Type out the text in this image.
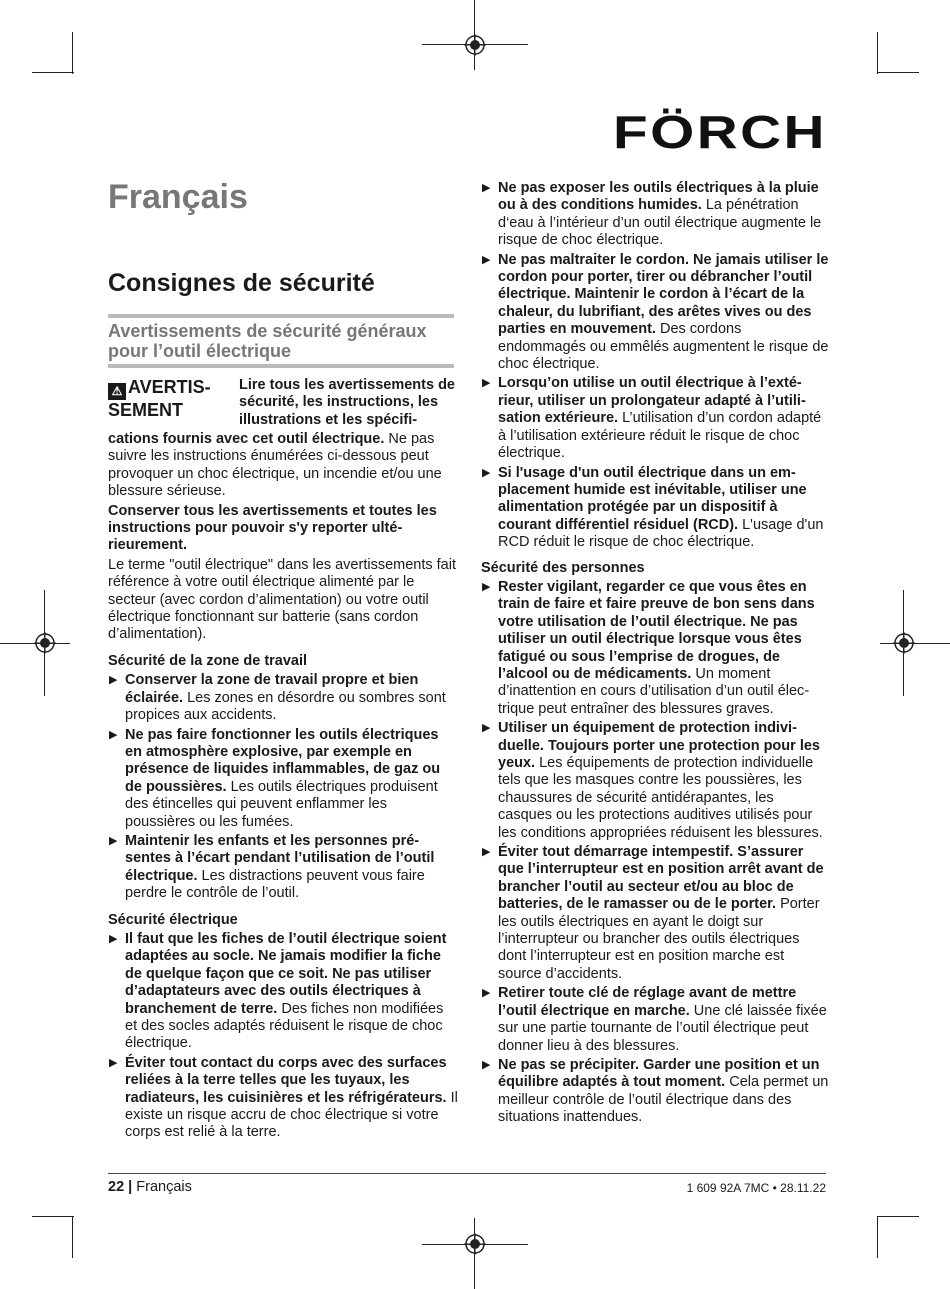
FÖRCH
Français
Consignes de sécurité
Avertissements de sécurité généraux pour l’outil électrique
⚠ AVERTIS-
SEMENT
Lire tous les avertissements de sécurité, les instructions, les illustrations et les spécifi-

cations fournis avec cet outil électrique. Ne pas suivre les instructions énumérées ci-dessous peut provoquer un choc électrique, un incendie et/ou une blessure sérieuse.

Conserver tous les avertissements et toutes les instructions pour pouvoir s'y reporter ultérieurement.

Le terme "outil électrique" dans les avertissements fait référence à votre outil électrique alimenté par le secteur (avec cordon d’alimentation) ou votre outil électrique fonctionnant sur batterie (sans cordon d’alimentation).

Sécurité de la zone de travail

▶ Conserver la zone de travail propre et bien éclairée. Les zones en désordre ou sombres sont propices aux accidents.
▶ Ne pas faire fonctionner les outils électriques en atmosphère explosive, par exemple en présence de liquides inflammables, de gaz ou de poussières. Les outils électriques produisent des étincelles qui peuvent enflammer les poussières ou les fumées.
▶ Maintenir les enfants et les personnes présentes à l’écart pendant l’utilisation de l’outil électrique. Les distractions peuvent vous faire perdre le contrôle de l’outil.

Sécurité électrique

▶ Il faut que les fiches de l’outil électrique soient adaptées au socle. Ne jamais modifier la fiche de quelque façon que ce soit. Ne pas utiliser d’adaptateurs avec des outils électriques à branchement de terre. Des fiches non modifiées et des socles adaptés réduisent le risque de choc électrique.
▶ Éviter tout contact du corps avec des surfaces reliées à la terre telles que les tuyaux, les radiateurs, les cuisinières et les réfrigérateurs. Il existe un risque accru de choc électrique si votre corps est relié à la terre.
▶ Ne pas exposer les outils électriques à la pluie ou à des conditions humides. La pénétration d‘eau à l’intérieur d’un outil électrique augmente le risque de choc électrique.
▶ Ne pas maltraiter le cordon. Ne jamais utiliser le cordon pour porter, tirer ou débrancher l’outil électrique. Maintenir le cordon à l’écart de la chaleur, du lubrifiant, des arêtes vives ou des parties en mouvement. Des cordons endommagés ou emmêlés augmentent le risque de choc électrique.
▶ Lorsqu’on utilise un outil électrique à l’extérieur, utiliser un prolongateur adapté à l’utilisation extérieure. L’utilisation d’un cordon adapté à l’utilisation extérieure réduit le risque de choc électrique.
▶ Si l'usage d'un outil électrique dans un emplacement humide est inévitable, utiliser une alimentation protégée par un dispositif à courant différentiel résiduel (RCD). L'usage d'un RCD réduit le risque de choc électrique.

Sécurité des personnes

▶ Rester vigilant, regarder ce que vous êtes en train de faire et faire preuve de bon sens dans votre utilisation de l’outil électrique. Ne pas utiliser un outil électrique lorsque vous êtes fatigué ou sous l’emprise de drogues, de l’alcool ou de médicaments. Un moment d’inattention en cours d’utilisation d’un outil électrique peut entraîner des blessures graves.
▶ Utiliser un équipement de protection individuelle. Toujours porter une protection pour les yeux. Les équipements de protection individuelle tels que les masques contre les poussières, les chaussures de sécurité antidérapantes, les casques ou les protections auditives utilisés pour les conditions appropriées réduisent les blessures.
▶ Éviter tout démarrage intempestif. S’assurer que l’interrupteur est en position arrêt avant de brancher l’outil au secteur et/ou au bloc de batteries, de le ramasser ou de le porter. Porter les outils électriques en ayant le doigt sur l’interrupteur ou brancher des outils électriques dont l’interrupteur est en position marche est source d’accidents.
▶ Retirer toute clé de réglage avant de mettre l’outil électrique en marche. Une clé laissée fixée sur une partie tournante de l’outil électrique peut donner lieu à des blessures.
▶ Ne pas se précipiter. Garder une position et un équilibre adaptés à tout moment. Cela permet un meilleur contrôle de l’outil électrique dans des situations inattendues.
22 | Français	1 609 92A 7MC • 28.11.22
